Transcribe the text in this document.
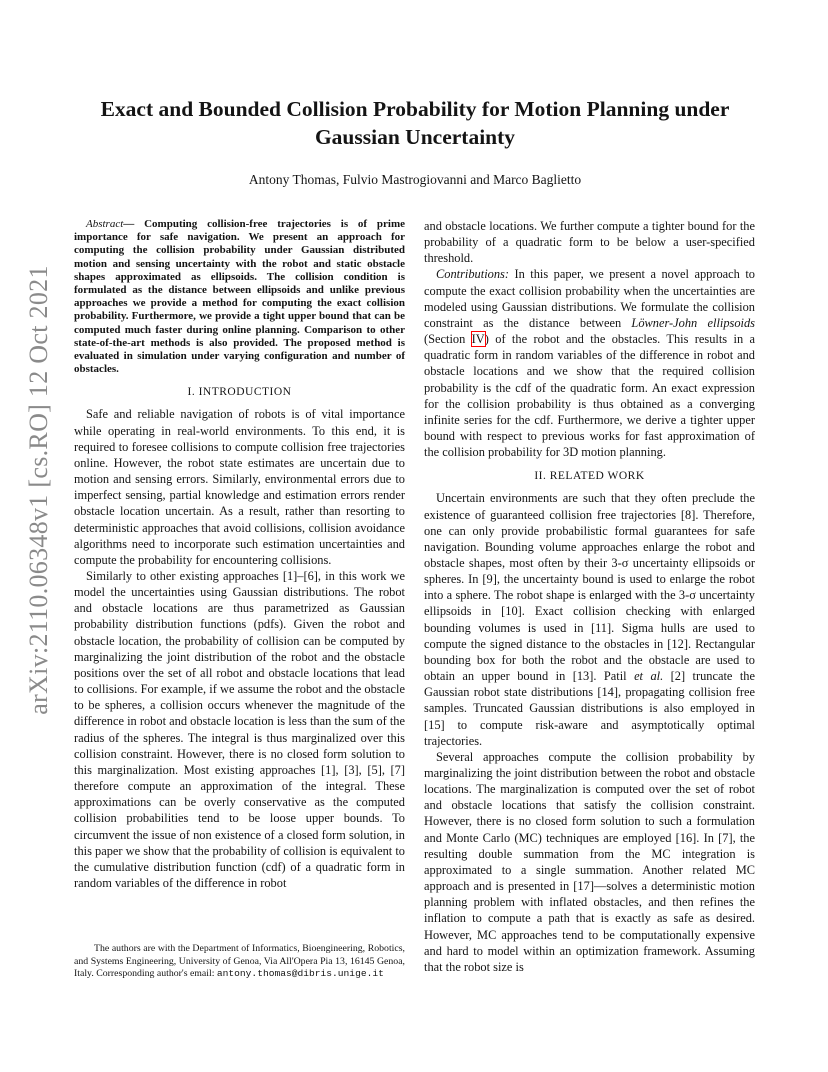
arXiv:2110.06348v1 [cs.RO] 12 Oct 2021
Exact and Bounded Collision Probability for Motion Planning under Gaussian Uncertainty
Antony Thomas, Fulvio Mastrogiovanni and Marco Baglietto

Abstract— Computing collision-free trajectories is of prime importance for safe navigation. We present an approach for computing the collision probability under Gaussian distributed motion and sensing uncertainty with the robot and static obstacle shapes approximated as ellipsoids. The collision condition is formulated as the distance between ellipsoids and unlike previous approaches we provide a method for computing the exact collision probability. Furthermore, we provide a tight upper bound that can be computed much faster during online planning. Comparison to other state-of-the-art methods is also provided. The proposed method is evaluated in simulation under varying configuration and number of obstacles.

I. INTRODUCTION

Safe and reliable navigation of robots is of vital importance while operating in real-world environments. To this end, it is required to foresee collisions to compute collision free trajectories online. However, the robot state estimates are uncertain due to motion and sensing errors. Similarly, environmental errors due to imperfect sensing, partial knowledge and estimation errors render obstacle location uncertain. As a result, rather than resorting to deterministic approaches that avoid collisions, collision avoidance algorithms need to incorporate such estimation uncertainties and compute the probability for encountering collisions.

Similarly to other existing approaches [1]–[6], in this work we model the uncertainties using Gaussian distributions. The robot and obstacle locations are thus parametrized as Gaussian probability distribution functions (pdfs). Given the robot and obstacle location, the probability of collision can be computed by marginalizing the joint distribution of the robot and the obstacle positions over the set of all robot and obstacle locations that lead to collisions. For example, if we assume the robot and the obstacle to be spheres, a collision occurs whenever the magnitude of the difference in robot and obstacle location is less than the sum of the radius of the spheres. The integral is thus marginalized over this collision constraint. However, there is no closed form solution to this marginalization. Most existing approaches [1], [3], [5], [7] therefore compute an approximation of the integral. These approximations can be overly conservative as the computed collision probabilities tend to be loose upper bounds. To circumvent the issue of non existence of a closed form solution, in this paper we show that the probability of collision is equivalent to the cumulative distribution function (cdf) of a quadratic form in random variables of the difference in robot

and obstacle locations. We further compute a tighter bound for the probability of a quadratic form to be below a user-specified threshold.

Contributions: In this paper, we present a novel approach to compute the exact collision probability when the uncertainties are modeled using Gaussian distributions. We formulate the collision constraint as the distance between Löwner-John ellipsoids (Section IV) of the robot and the obstacles. This results in a quadratic form in random variables of the difference in robot and obstacle locations and we show that the required collision probability is the cdf of the quadratic form. An exact expression for the collision probability is thus obtained as a converging infinite series for the cdf. Furthermore, we derive a tighter upper bound with respect to previous works for fast approximation of the collision probability for 3D motion planning.

II. RELATED WORK

Uncertain environments are such that they often preclude the existence of guaranteed collision free trajectories [8]. Therefore, one can only provide probabilistic formal guarantees for safe navigation. Bounding volume approaches enlarge the robot and obstacle shapes, most often by their 3-σ uncertainty ellipsoids or spheres. In [9], the uncertainty bound is used to enlarge the robot into a sphere. The robot shape is enlarged with the 3-σ uncertainty ellipsoids in [10]. Exact collision checking with enlarged bounding volumes is used in [11]. Sigma hulls are used to compute the signed distance to the obstacles in [12]. Rectangular bounding box for both the robot and the obstacle are used to obtain an upper bound in [13]. Patil et al. [2] truncate the Gaussian robot state distributions [14], propagating collision free samples. Truncated Gaussian distributions is also employed in [15] to compute risk-aware and asymptotically optimal trajectories.

Several approaches compute the collision probability by marginalizing the joint distribution between the robot and obstacle locations. The marginalization is computed over the set of robot and obstacle locations that satisfy the collision constraint. However, there is no closed form solution to such a formulation and Monte Carlo (MC) techniques are employed [16]. In [7], the resulting double summation from the MC integration is approximated to a single summation. Another related MC approach and is presented in [17]—solves a deterministic motion planning problem with inflated obstacles, and then refines the inflation to compute a path that is exactly as safe as desired. However, MC approaches tend to be computationally expensive and hard to model within an optimization framework. Assuming that the robot size is

The authors are with the Department of Informatics, Bioengineering, Robotics, and Systems Engineering, University of Genoa, Via All'Opera Pia 13, 16145 Genoa, Italy. Corresponding author's email: antony.thomas@dibris.unige.it
